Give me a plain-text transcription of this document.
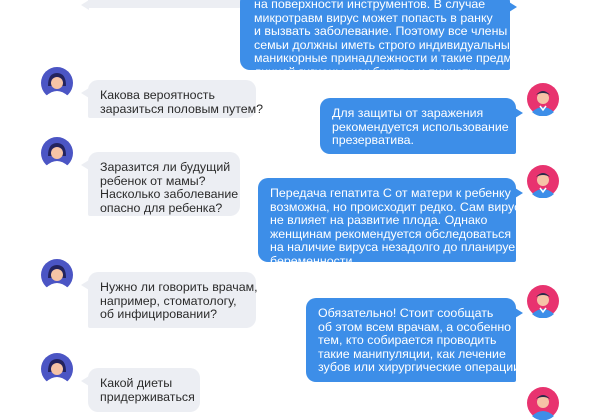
на поверхности инструментов. В случае
микротравм вирус может попасть в ранку
и вызвать заболевание. Поэтому все члены
семьи должны иметь строго индивидуальные
маникюрные принадлежности и такие предметы
личной гигиены, как бритвы и пинцеты.
Какова вероятность
заразиться половым путем?	Для защиты от заражения
рекомендуется использование
презерватива.
Заразится ли будущий
ребенок от мамы?
Насколько заболевание
опасно для ребенка?
Передача гепатита С от матери к ребенку
возможна, но происходит редко. Сам вирус
не влияет на развитие плода. Однако
женщинам рекомендуется обследоваться
на наличие вируса незадолго до планируемой
беременности.
Нужно ли говорить врачам,
например, стоматологу,
об инфицировании?	Обязательно! Стоит сообщать
об этом всем врачам, а особенно
тем, кто собирается проводить
такие манипуляции, как лечение
зубов или хирургические операции.
Какой диеты
придерживаться
